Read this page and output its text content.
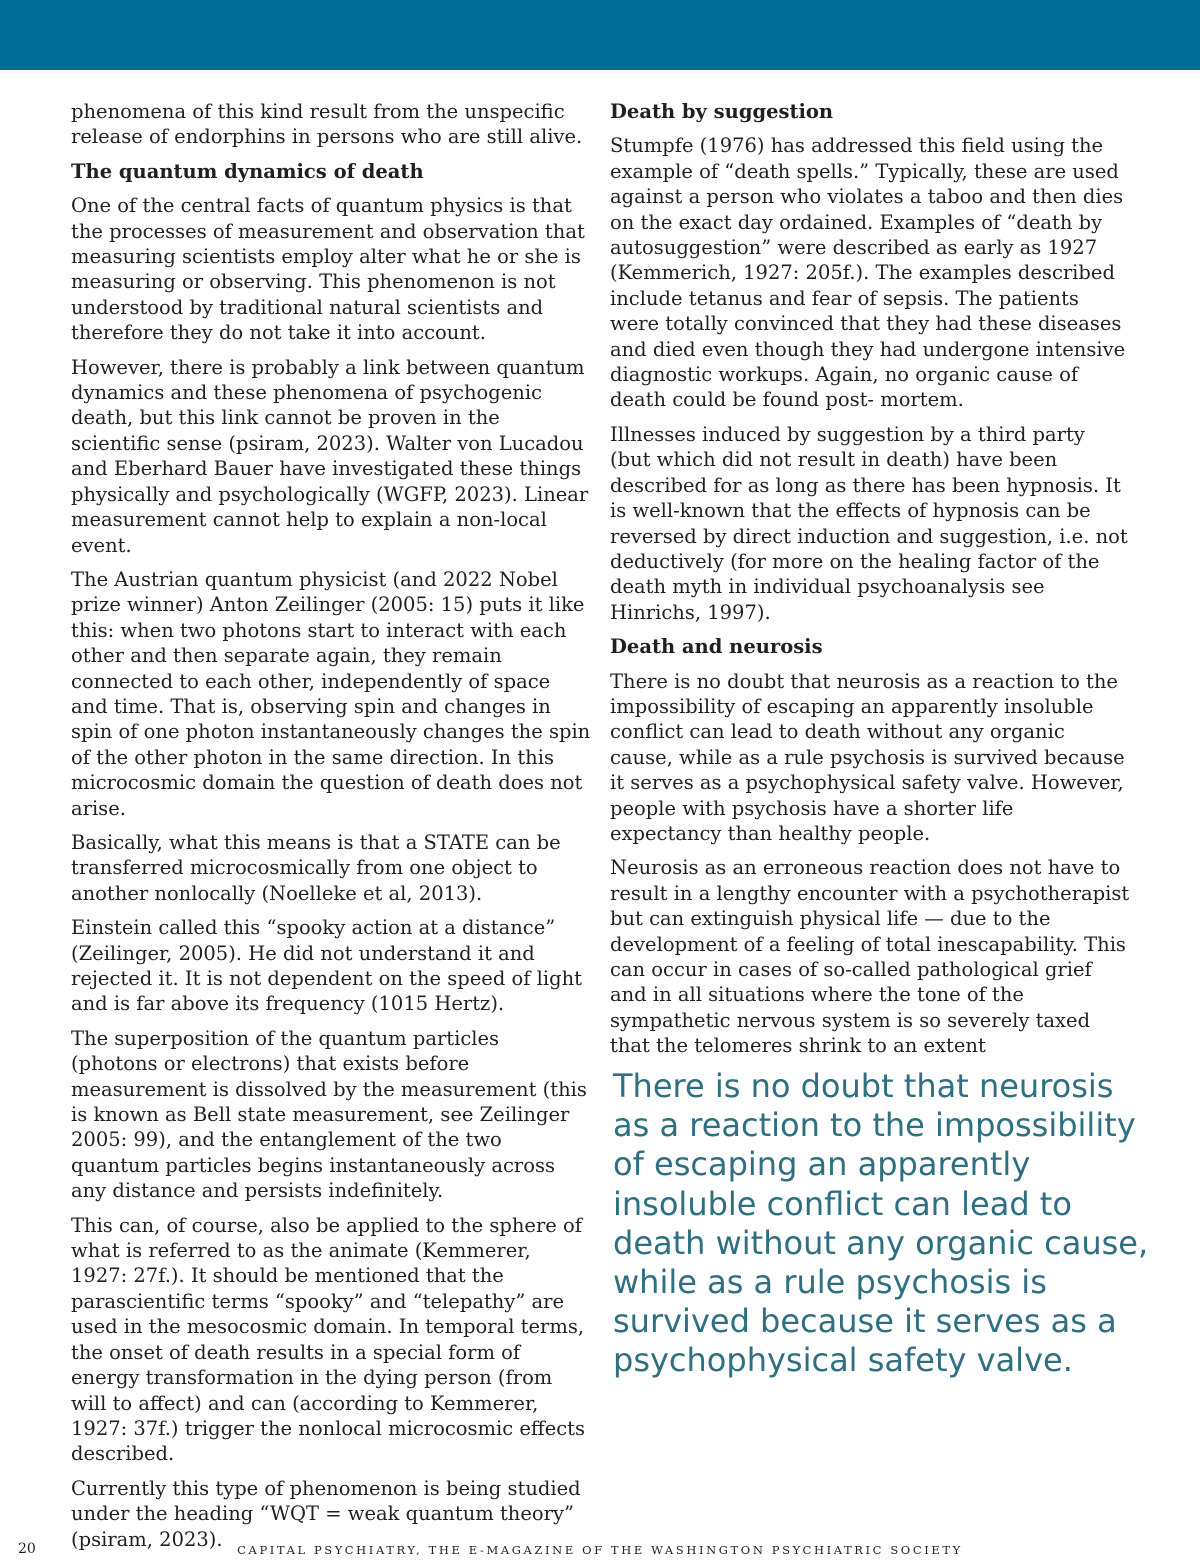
phenomena of this kind result from the unspecific release of endorphins in persons who are still alive.

The quantum dynamics of death

One of the central facts of quantum physics is that the processes of measurement and observation that measuring scientists employ alter what he or she is measuring or observing. This phenomenon is not understood by traditional natural scientists and therefore they do not take it into account.

However, there is probably a link between quantum dynamics and these phenomena of psychogenic death, but this link cannot be proven in the scientific sense (psiram, 2023). Walter von Lucadou and Eberhard Bauer have investigated these things physically and psychologically (WGFP, 2023). Linear measurement cannot help to explain a non-local event.

The Austrian quantum physicist (and 2022 Nobel prize winner) Anton Zeilinger (2005: 15) puts it like this: when two photons start to interact with each other and then separate again, they remain connected to each other, independently of space and time. That is, observing spin and changes in spin of one photon instantaneously changes the spin of the other photon in the same direction. In this microcosmic domain the question of death does not arise.

Basically, what this means is that a STATE can be transferred microcosmically from one object to another nonlocally (Noelleke et al, 2013).

Einstein called this “spooky action at a distance” (Zeilinger, 2005). He did not understand it and rejected it. It is not dependent on the speed of light and is far above its frequency (1015 Hertz).

The superposition of the quantum particles (photons or electrons) that exists before measurement is dissolved by the measurement (this is known as Bell state measurement, see Zeilinger 2005: 99), and the entanglement of the two quantum particles begins instantaneously across any distance and persists indefinitely.

This can, of course, also be applied to the sphere of what is referred to as the animate (Kemmerer, 1927: 27f.). It should be mentioned that the parascientific terms “spooky” and “telepathy” are used in the mesocosmic domain. In temporal terms, the onset of death results in a special form of energy transformation in the dying person (from will to affect) and can (according to Kemmerer, 1927: 37f.) trigger the nonlocal microcosmic effects described.

Currently this type of phenomenon is being studied under the heading “WQT = weak quantum theory” (psiram, 2023).

Death by suggestion

Stumpfe (1976) has addressed this field using the example of “death spells.” Typically, these are used against a person who violates a taboo and then dies on the exact day ordained. Examples of “death by autosuggestion” were described as early as 1927 (Kemmerich, 1927: 205f.). The examples described include tetanus and fear of sepsis. The patients were totally convinced that they had these diseases and died even though they had undergone intensive diagnostic workups. Again, no organic cause of death could be found post- mortem.

Illnesses induced by suggestion by a third party (but which did not result in death) have been described for as long as there has been hypnosis. It is well-known that the effects of hypnosis can be reversed by direct induction and suggestion, i.e. not deductively (for more on the healing factor of the death myth in individual psychoanalysis see Hinrichs, 1997).

Death and neurosis

There is no doubt that neurosis as a reaction to the impossibility of escaping an apparently insoluble conflict can lead to death without any organic cause, while as a rule psychosis is survived because it serves as a psychophysical safety valve. However, people with psychosis have a shorter life expectancy than healthy people.

Neurosis as an erroneous reaction does not have to result in a lengthy encounter with a psychotherapist but can extinguish physical life — due to the development of a feeling of total inescapability. This can occur in cases of so-called pathological grief and in all situations where the tone of the sympathetic nervous system is so severely taxed that the telomeres shrink to an extent

There is no doubt that neurosis as a reaction to the impossibility of escaping an apparently insoluble conflict can lead to death without any organic cause, while as a rule psychosis is survived because it serves as a psychophysical safety valve.

20	CAPITAL PSYCHIATRY, THE E-MAGAZINE OF THE WASHINGTON PSYCHIATRIC SOCIETY
